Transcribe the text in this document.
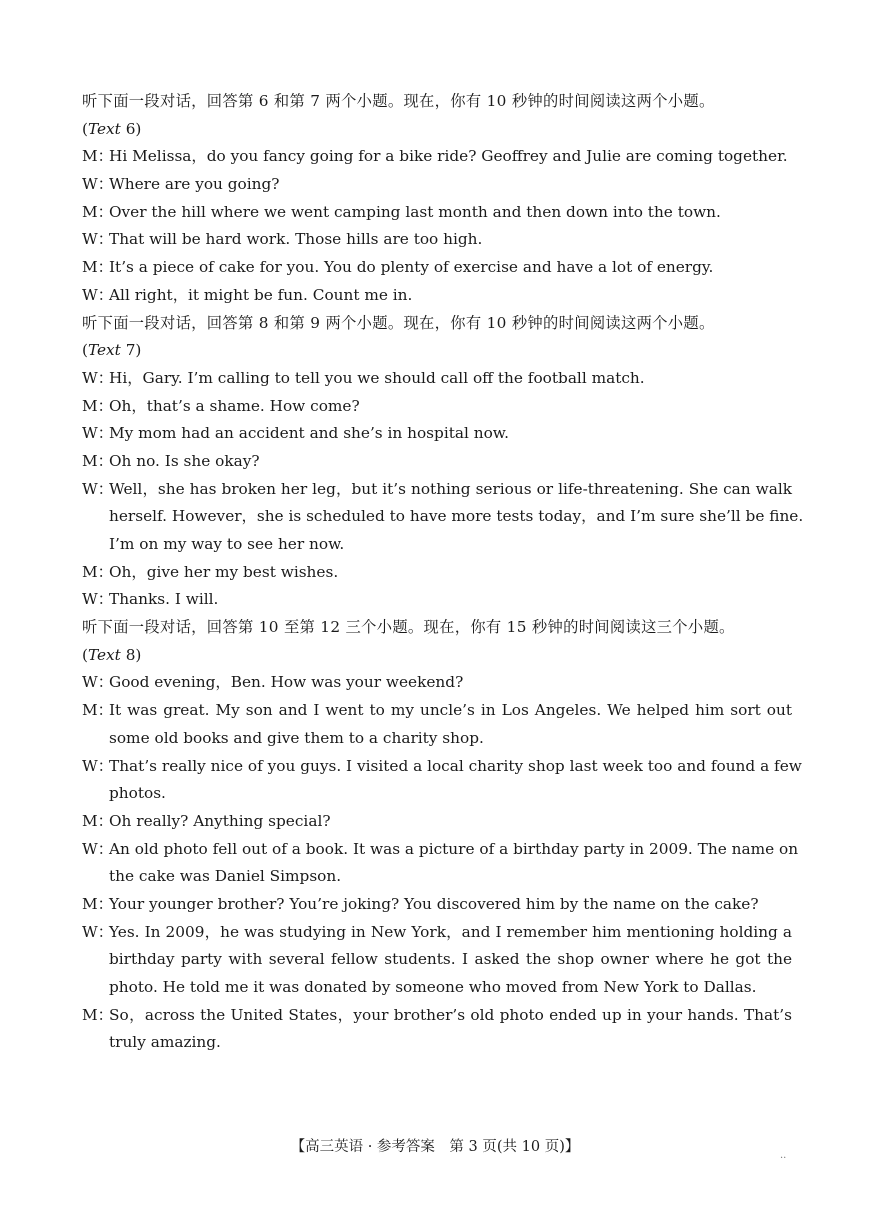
听下面一段对话，回答第 6 和第 7 两个小题。现在，你有 10 秒钟的时间阅读这两个小题。
(Text 6)
M：Hi Melissa，do you fancy going for a bike ride? Geoffrey and Julie are coming together.
W：Where are you going?
M：Over the hill where we went camping last month and then down into the town.
W：That will be hard work. Those hills are too high.
M：It’s a piece of cake for you. You do plenty of exercise and have a lot of energy.
W：All right，it might be fun. Count me in.
听下面一段对话，回答第 8 和第 9 两个小题。现在，你有 10 秒钟的时间阅读这两个小题。
(Text 7)
W：Hi，Gary. I’m calling to tell you we should call off the football match.
M：Oh，that’s a shame. How come?
W：My mom had an accident and she’s in hospital now.
M：Oh no. Is she okay?
W：
Well，she has broken her leg，but it’s nothing serious or life-threatening. She can walk
herself. However，she is scheduled to have more tests today，and I’m sure she’ll be fine.
I’m on my way to see her now.
M：Oh，give her my best wishes.
W：Thanks. I will.
听下面一段对话，回答第 10 至第 12 三个小题。现在，你有 15 秒钟的时间阅读这三个小题。
(Text 8)
W：Good evening，Ben. How was your weekend?
M：
It was great. My son and I went to my uncle’s in Los Angeles. We helped him sort out
some old books and give them to a charity shop.
W：
That’s really nice of you guys. I visited a local charity shop last week too and found a few
photos.
M：Oh really? Anything special?
W：
An old photo fell out of a book. It was a picture of a birthday party in 2009. The name on
the cake was Daniel Simpson.
M：Your younger brother? You’re joking? You discovered him by the name on the cake?
W：
Yes. In 2009，he was studying in New York，and I remember him mentioning holding a
birthday party with several fellow students. I asked the shop owner where he got the
photo. He told me it was donated by someone who moved from New York to Dallas.
M：
So，across the United States，your brother’s old photo ended up in your hands. That’s
truly amazing.
【高三英语 · 参考答案　第 3 页(共 10 页)】
..
